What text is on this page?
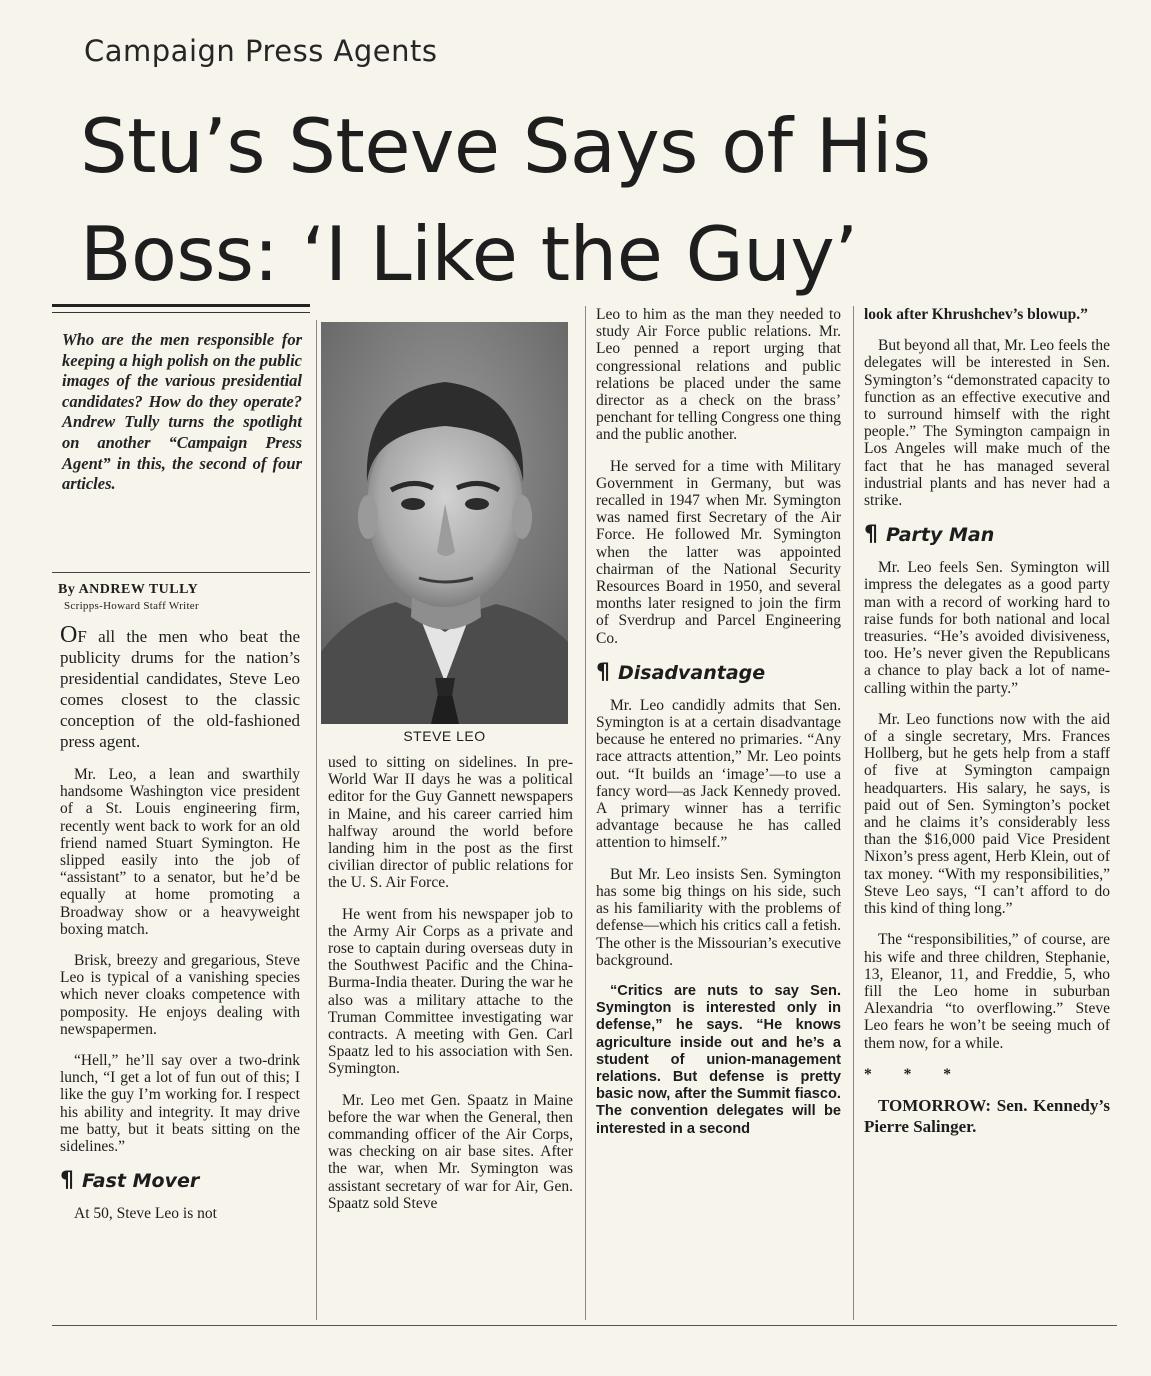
Campaign Press Agents
Stu’s Steve Says of His
Boss: ‘I Like the Guy’
Who are the men responsible for keeping a high polish on the public images of the various presidential candidates? How do they operate? Andrew Tully turns the spotlight on another “Campaign Press Agent” in this, the second of four articles.
By ANDREW TULLY
Scripps-Howard Staff Writer

OF all the men who beat the publicity drums for the nation’s presidential candidates, Steve Leo comes closest to the classic conception of the old-fashioned press agent.

Mr. Leo, a lean and swarthily handsome Washington vice president of a St. Louis engineering firm, recently went back to work for an old friend named Stuart Symington. He slipped easily into the job of “assistant” to a senator, but he’d be equally at home promoting a Broadway show or a heavyweight boxing match.

Brisk, breezy and gregarious, Steve Leo is typical of a vanishing species which never cloaks competence with pomposity. He enjoys dealing with newspapermen.

“Hell,” he’ll say over a two-drink lunch, “I get a lot of fun out of this; I like the guy I’m working for. I respect his ability and integrity. It may drive me batty, but it beats sitting on the sidelines.”

¶ Fast Mover

At 50, Steve Leo is not

STEVE LEO

used to sitting on sidelines. In pre-World War II days he was a political editor for the Guy Gannett newspapers in Maine, and his career carried him halfway around the world before landing him in the post as the first civilian director of public relations for the U. S. Air Force.

He went from his newspaper job to the Army Air Corps as a private and rose to captain during overseas duty in the Southwest Pacific and the China-Burma-India theater. During the war he also was a military attache to the Truman Committee investigating war contracts. A meeting with Gen. Carl Spaatz led to his association with Sen. Symington.

Mr. Leo met Gen. Spaatz in Maine before the war when the General, then commanding officer of the Air Corps, was checking on air base sites. After the war, when Mr. Symington was assistant secretary of war for Air, Gen. Spaatz sold Steve

Leo to him as the man they needed to study Air Force public relations. Mr. Leo penned a report urging that congressional relations and public relations be placed under the same director as a check on the brass’ penchant for telling Congress one thing and the public another.

He served for a time with Military Government in Germany, but was recalled in 1947 when Mr. Symington was named first Secretary of the Air Force. He followed Mr. Symington when the latter was appointed chairman of the National Security Resources Board in 1950, and several months later resigned to join the firm of Sverdrup and Parcel Engineering Co.

¶ Disadvantage

Mr. Leo candidly admits that Sen. Symington is at a certain disadvantage because he entered no primaries. “Any race attracts attention,” Mr. Leo points out. “It builds an ‘image’—to use a fancy word—as Jack Kennedy proved. A primary winner has a terrific advantage because he has called attention to himself.”

But Mr. Leo insists Sen. Symington has some big things on his side, such as his familiarity with the problems of defense—which his critics call a fetish. The other is the Missourian’s executive background.

“Critics are nuts to say Sen. Symington is interested only in defense,” he says. “He knows agriculture inside out and he’s a student of union-management relations. But defense is pretty basic now, after the Summit fiasco. The convention delegates will be interested in a second

look after Khrushchev’s blowup.”

But beyond all that, Mr. Leo feels the delegates will be interested in Sen. Symington’s “demonstrated capacity to function as an effective executive and to surround himself with the right people.” The Symington campaign in Los Angeles will make much of the fact that he has managed several industrial plants and has never had a strike.

¶ Party Man

Mr. Leo feels Sen. Symington will impress the delegates as a good party man with a record of working hard to raise funds for both national and local treasuries. “He’s avoided divisiveness, too. He’s never given the Republicans a chance to play back a lot of name-calling within the party.”

Mr. Leo functions now with the aid of a single secretary, Mrs. Frances Hollberg, but he gets help from a staff of five at Symington campaign headquarters. His salary, he says, is paid out of Sen. Symington’s pocket and he claims it’s considerably less than the $16,000 paid Vice President Nixon’s press agent, Herb Klein, out of tax money. “With my responsibilities,” Steve Leo says, “I can’t afford to do this kind of thing long.”

The “responsibilities,” of course, are his wife and three children, Stephanie, 13, Eleanor, 11, and Freddie, 5, who fill the Leo home in suburban Alexandria “to overflowing.” Steve Leo fears he won’t be seeing much of them now, for a while.

* * *

TOMORROW: Sen. Kennedy’s Pierre Salinger.
